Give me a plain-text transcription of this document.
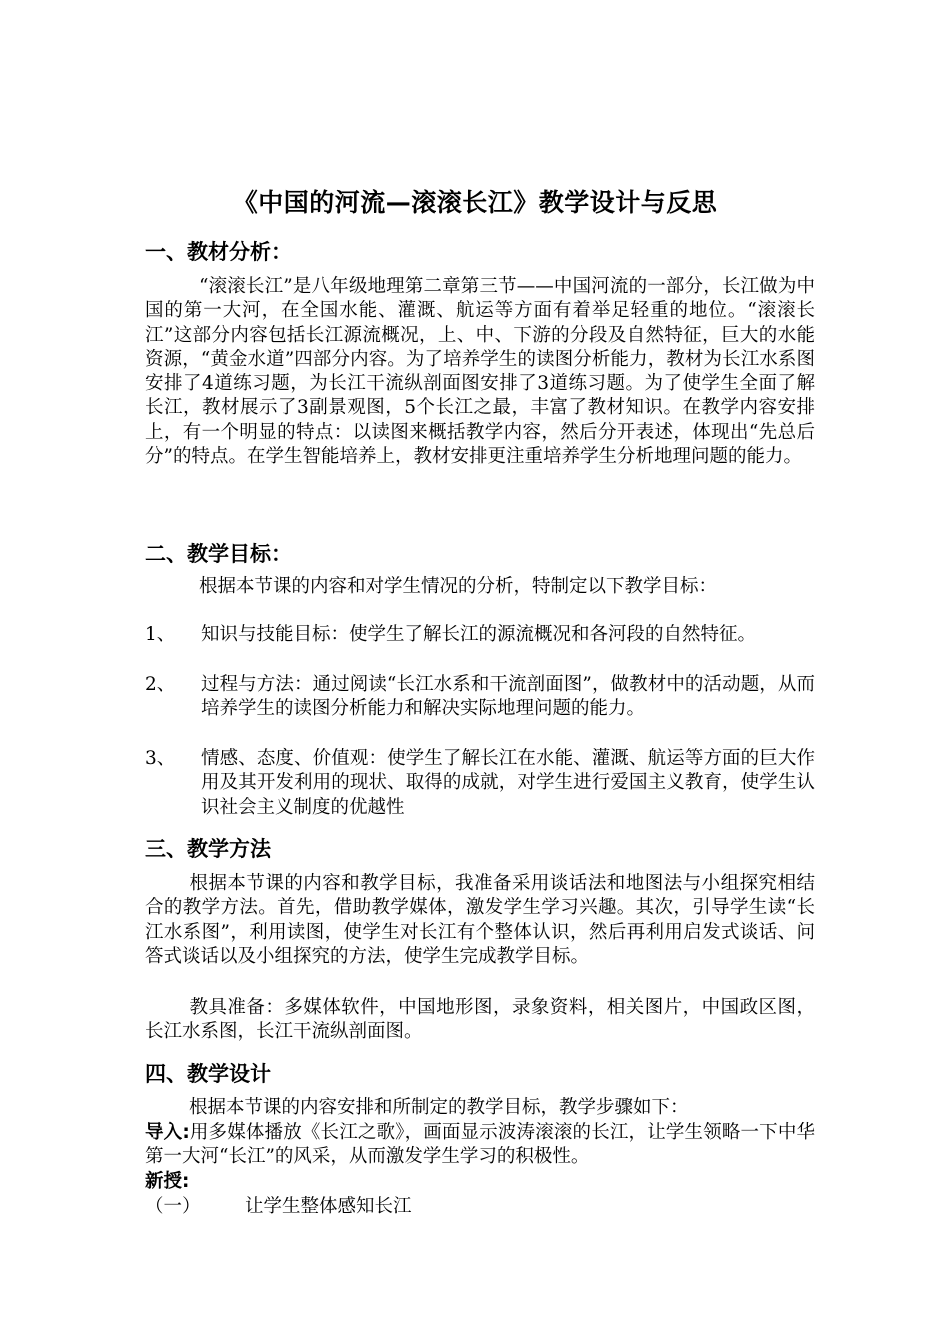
《中国的河流—滚滚长江》教学设计与反思
一、教材分析：
“滚滚长江”是八年级地理第二章第三节——中国河流的一部分，长江做为中国的第一大河，在全国水能、灌溉、航运等方面有着举足轻重的地位。“滚滚长江”这部分内容包括长江源流概况，上、中、下游的分段及自然特征，巨大的水能资源，“黄金水道”四部分内容。为了培养学生的读图分析能力，教材为长江水系图安排了4道练习题，为长江干流纵剖面图安排了3道练习题。为了使学生全面了解长江，教材展示了3副景观图，5个长江之最，丰富了教材知识。在教学内容安排上，有一个明显的特点：以读图来概括教学内容，然后分开表述，体现出“先总后分”的特点。在学生智能培养上，教材安排更注重培养学生分析地理问题的能力。
二、教学目标：
根据本节课的内容和对学生情况的分析，特制定以下教学目标：
1、	知识与技能目标：使学生了解长江的源流概况和各河段的自然特征。
2、	过程与方法：通过阅读“长江水系和干流剖面图”，做教材中的活动题，从而培养学生的读图分析能力和解决实际地理问题的能力。
3、	情感、态度、价值观：使学生了解长江在水能、灌溉、航运等方面的巨大作用及其开发利用的现状、取得的成就，对学生进行爱国主义教育，使学生认识社会主义制度的优越性
三、教学方法
根据本节课的内容和教学目标，我准备采用谈话法和地图法与小组探究相结合的教学方法。首先，借助教学媒体，激发学生学习兴趣。其次，引导学生读“长江水系图”，利用读图，使学生对长江有个整体认识，然后再利用启发式谈话、问答式谈话以及小组探究的方法，使学生完成教学目标。
教具准备：多媒体软件，中国地形图，录象资料，相关图片，中国政区图，长江水系图，长江干流纵剖面图。
四、教学设计
根据本节课的内容安排和所制定的教学目标，教学步骤如下：
导入:用多媒体播放《长江之歌》，画面显示波涛滚滚的长江，让学生领略一下中华第一大河“长江”的风采，从而激发学生学习的积极性。
新授:
（一） 让学生整体感知长江
